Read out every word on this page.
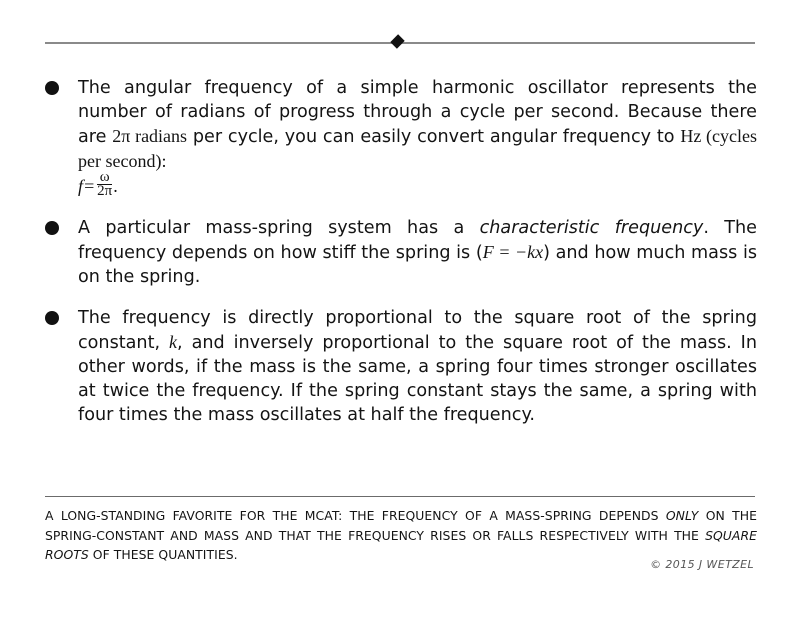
The angular frequency of a simple harmonic oscillator represents the number of radians of progress through a cycle per second. Because there are 2π radians per cycle, you can easily convert angular frequency to Hz (cycles per second):
$f= \frac{\omega}{2\pi}$ .
A particular mass-spring system has a characteristic frequency. The frequency depends on how stiff the spring is (F = −kx) and how much mass is on the spring.
The frequency is directly proportional to the square root of the spring constant, k, and inversely proportional to the square root of the mass. In other words, if the mass is the same, a spring four times stronger oscillates at twice the frequency. If the spring constant stays the same, a spring with four times the mass oscillates at half the frequency.
A LONG-STANDING FAVORITE FOR THE MCAT: THE FREQUENCY OF A MASS-SPRING DEPENDS ONLY ON THE SPRING-CONSTANT AND MASS AND THAT THE FREQUENCY RISES OR FALLS RESPECTIVELY WITH THE SQUARE ROOTS OF THESE QUANTITIES.
© 2015 J WETZEL
